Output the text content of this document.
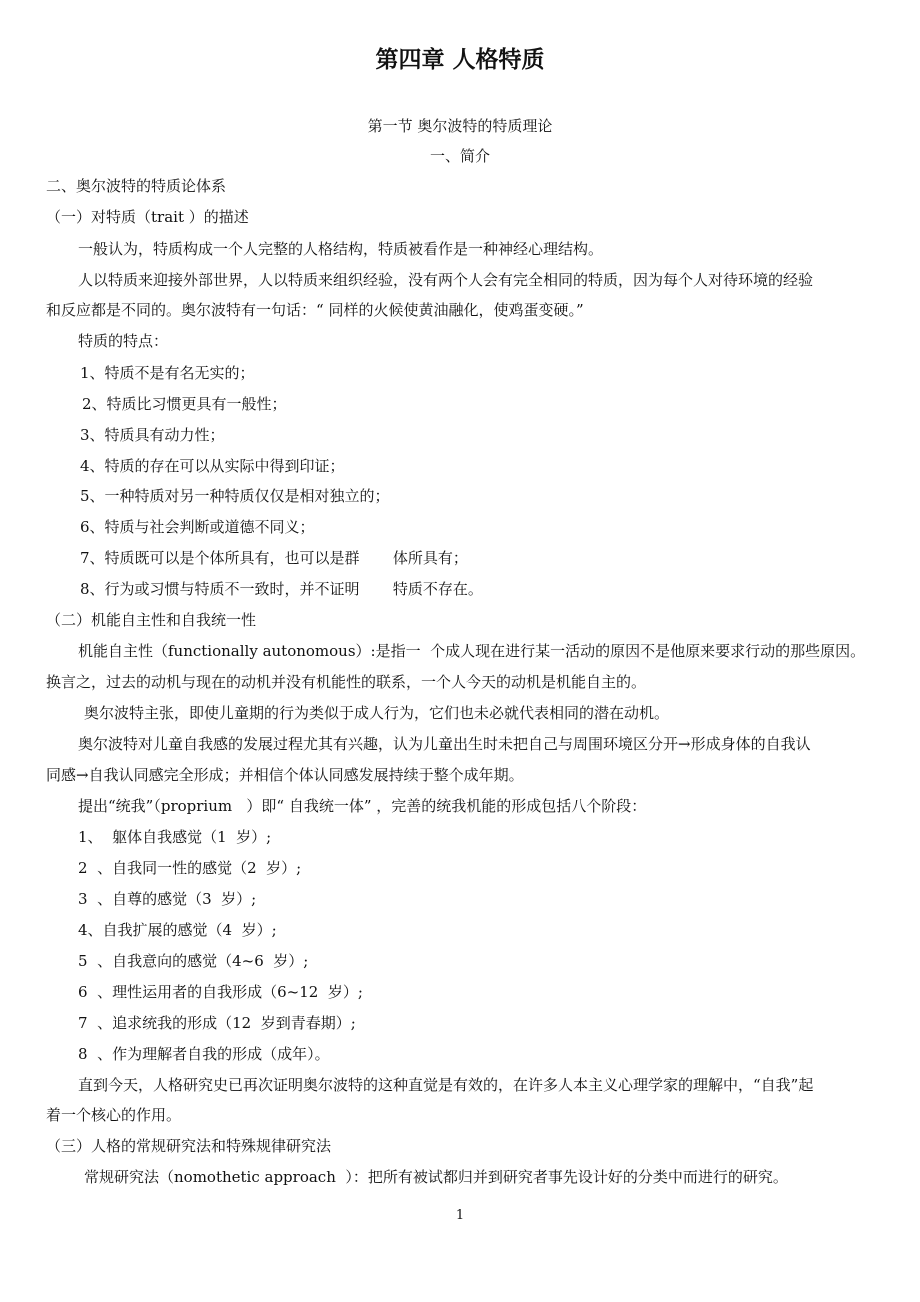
第四章 人格特质
第一节 奥尔波特的特质理论
一、简介
二、奥尔波特的特质论体系
（一）对特质（trait ）的描述
一般认为，特质构成一个人完整的人格结构，特质被看作是一种神经心理结构。
人以特质来迎接外部世界，人以特质来组织经验，没有两个人会有完全相同的特质，因为每个人对待环境的经验
和反应都是不同的。奥尔波特有一句话：“ 同样的火候使黄油融化，使鸡蛋变硬。”
特质的特点：
1、特质不是有名无实的；
2、特质比习惯更具有一般性；
3、特质具有动力性；
4、特质的存在可以从实际中得到印证；
5、一种特质对另一种特质仅仅是相对独立的；
6、特质与社会判断或道德不同义；
7、特质既可以是个体所具有，也可以是群       体所具有；
8、行为或习惯与特质不一致时，并不证明       特质不存在。
（二）机能自主性和自我统一性
机能自主性（functionally autonomous）:是指一  个成人现在进行某一活动的原因不是他原来要求行动的那些原因。
换言之，过去的动机与现在的动机并没有机能性的联系，一个人今天的动机是机能自主的。
奥尔波特主张，即使儿童期的行为类似于成人行为，它们也未必就代表相同的潜在动机。
奥尔波特对儿童自我感的发展过程尤其有兴趣，认为儿童出生时未把自己与周围环境区分开→形成身体的自我认
同感→自我认同感完全形成；并相信个体认同感发展持续于整个成年期。
提出“统我”（proprium   ）即“ 自我统一体” ，完善的统我机能的形成包括八个阶段：
1、  躯体自我感觉（1  岁）;
2  、自我同一性的感觉（2  岁）;
3  、自尊的感觉（3  岁）;
4、自我扩展的感觉（4  岁）;
5  、自我意向的感觉（4~6  岁）;
6  、理性运用者的自我形成（6~12  岁）;
7  、追求统我的形成（12  岁到青春期）;
8  、作为理解者自我的形成（成年）。
直到今天，人格研究史已再次证明奥尔波特的这种直觉是有效的，在许多人本主义心理学家的理解中，“自我”起
着一个核心的作用。
（三）人格的常规研究法和特殊规律研究法
常规研究法（nomothetic approach  ）：把所有被试都归并到研究者事先设计好的分类中而进行的研究。
1
